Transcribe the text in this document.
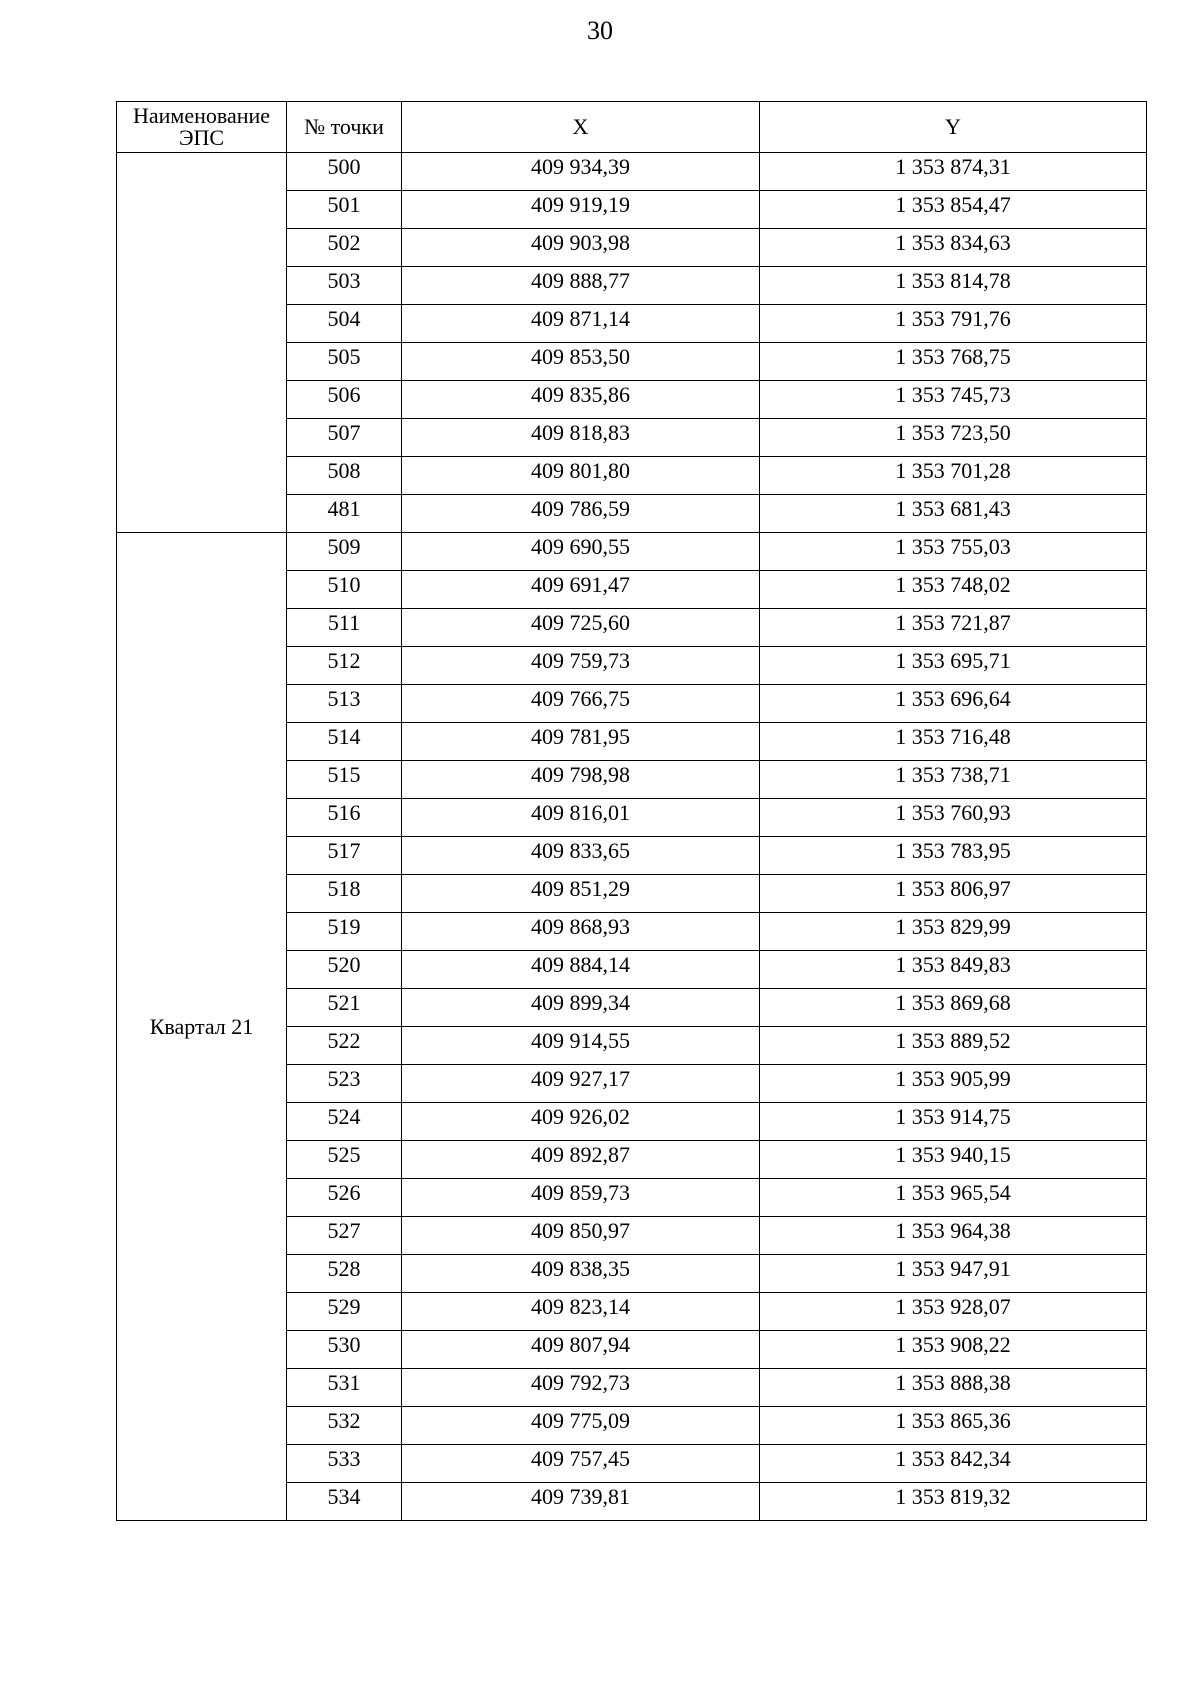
30
Наименование ЭПС	№ точки	X	Y
	500	409 934,39	1 353 874,31
	501	409 919,19	1 353 854,47
	502	409 903,98	1 353 834,63
	503	409 888,77	1 353 814,78
	504	409 871,14	1 353 791,76
	505	409 853,50	1 353 768,75
	506	409 835,86	1 353 745,73
	507	409 818,83	1 353 723,50
	508	409 801,80	1 353 701,28
	481	409 786,59	1 353 681,43
Квартал 21	509	409 690,55	1 353 755,03
	510	409 691,47	1 353 748,02
	511	409 725,60	1 353 721,87
	512	409 759,73	1 353 695,71
	513	409 766,75	1 353 696,64
	514	409 781,95	1 353 716,48
	515	409 798,98	1 353 738,71
	516	409 816,01	1 353 760,93
	517	409 833,65	1 353 783,95
	518	409 851,29	1 353 806,97
	519	409 868,93	1 353 829,99
	520	409 884,14	1 353 849,83
	521	409 899,34	1 353 869,68
	522	409 914,55	1 353 889,52
	523	409 927,17	1 353 905,99
	524	409 926,02	1 353 914,75
	525	409 892,87	1 353 940,15
	526	409 859,73	1 353 965,54
	527	409 850,97	1 353 964,38
	528	409 838,35	1 353 947,91
	529	409 823,14	1 353 928,07
	530	409 807,94	1 353 908,22
	531	409 792,73	1 353 888,38
	532	409 775,09	1 353 865,36
	533	409 757,45	1 353 842,34
	534	409 739,81	1 353 819,32
